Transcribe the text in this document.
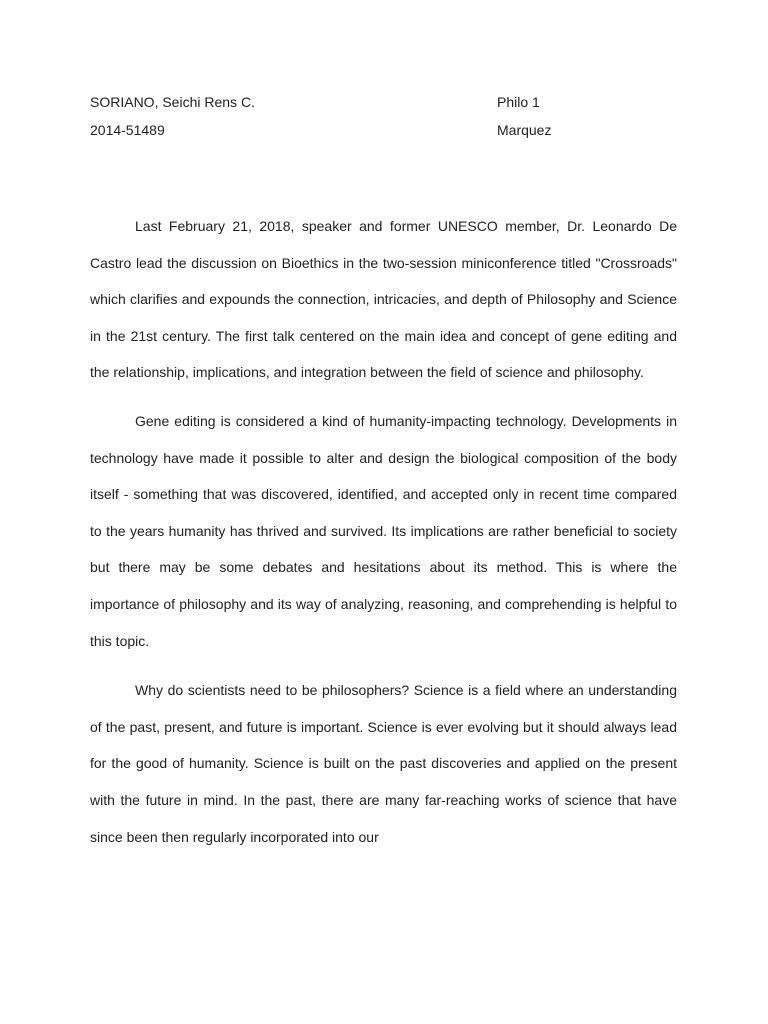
SORIANO, Seichi Rens C.	Philo 1
2014-51489	Marquez

Last February 21, 2018, speaker and former UNESCO member, Dr. Leonardo De Castro lead the discussion on Bioethics in the two-session miniconference titled "Crossroads" which clarifies and expounds the connection, intricacies, and depth of Philosophy and Science in the 21st century. The first talk centered on the main idea and concept of gene editing and the relationship, implications, and integration between the field of science and philosophy.

Gene editing is considered a kind of humanity-impacting technology. Developments in technology have made it possible to alter and design the biological composition of the body itself - something that was discovered, identified, and accepted only in recent time compared to the years humanity has thrived and survived. Its implications are rather beneficial to society but there may be some debates and hesitations about its method. This is where the importance of philosophy and its way of analyzing, reasoning, and comprehending is helpful to this topic.

Why do scientists need to be philosophers? Science is a field where an understanding of the past, present, and future is important. Science is ever evolving but it should always lead for the good of humanity. Science is built on the past discoveries and applied on the present with the future in mind. In the past, there are many far-reaching works of science that have since been then regularly incorporated into our
